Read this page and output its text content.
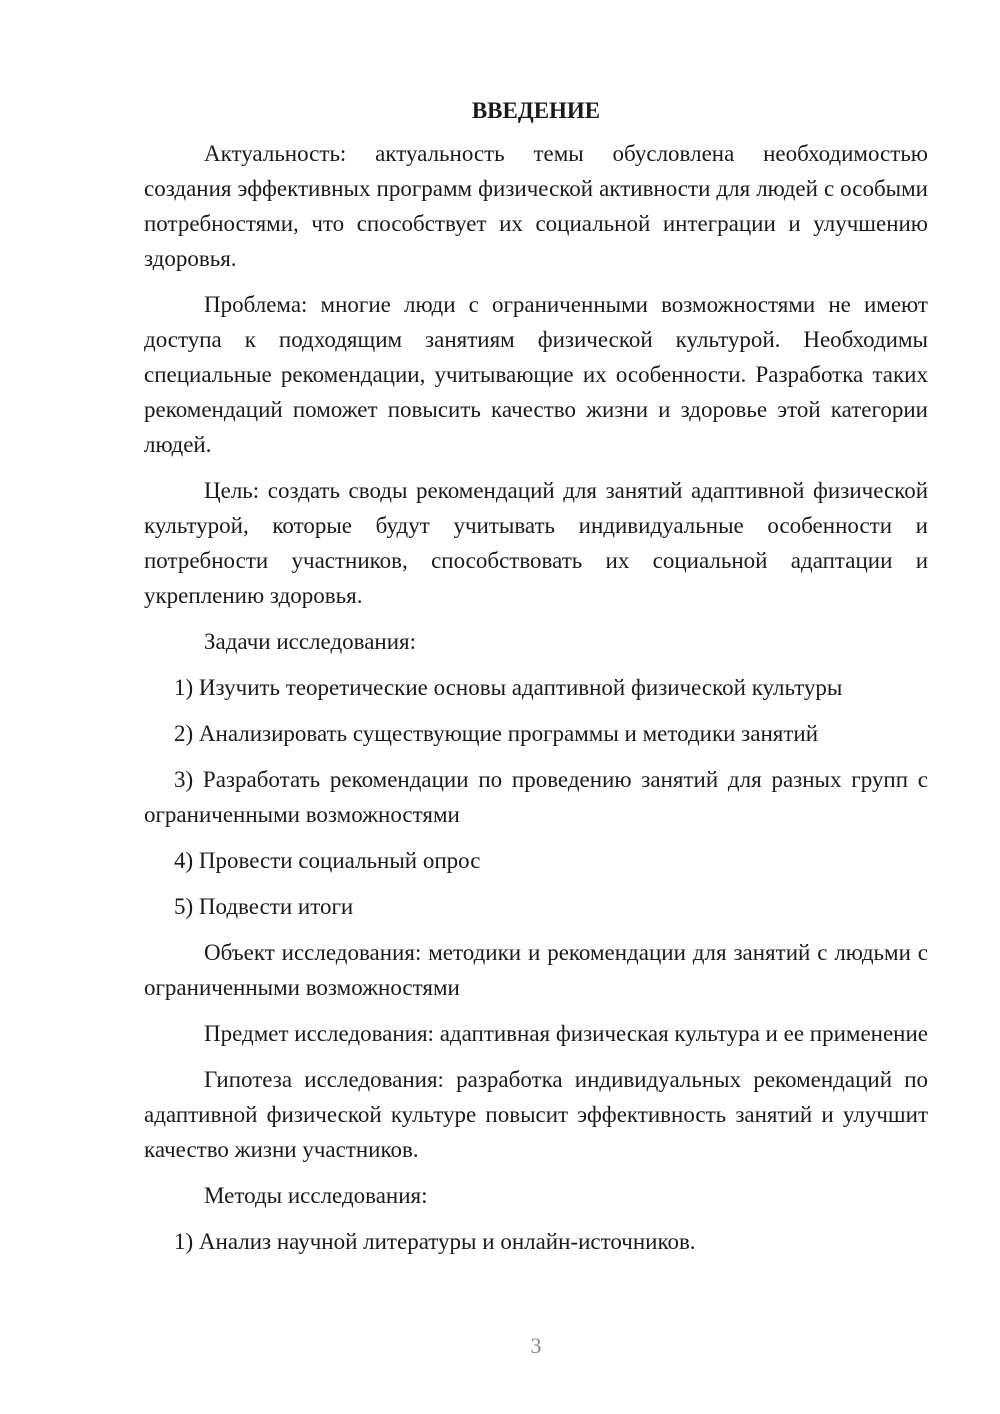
ВВЕДЕНИЕ

Актуальность: актуальность темы обусловлена необходимостью создания эффективных программ физической активности для людей с особыми потребностями, что способствует их социальной интеграции и улучшению здоровья.

Проблема: многие люди с ограниченными возможностями не имеют доступа к подходящим занятиям физической культурой. Необходимы специальные рекомендации, учитывающие их особенности. Разработка таких рекомендаций поможет повысить качество жизни и здоровье этой категории людей.

Цель: создать своды рекомендаций для занятий адаптивной физической культурой, которые будут учитывать индивидуальные особенности и потребности участников, способствовать их социальной адаптации и укреплению здоровья.

Задачи исследования:

1) Изучить теоретические основы адаптивной физической культуры

2) Анализировать существующие программы и методики занятий

3) Разработать рекомендации по проведению занятий для разных групп с ограниченными возможностями

4) Провести социальный опрос

5) Подвести итоги

Объект исследования: методики и рекомендации для занятий с людьми с ограниченными возможностями

Предмет исследования: адаптивная физическая культура и ее применение

Гипотеза исследования: разработка индивидуальных рекомендаций по адаптивной физической культуре повысит эффективность занятий и улучшит качество жизни участников.

Методы исследования:

1) Анализ научной литературы и онлайн-источников.

3
